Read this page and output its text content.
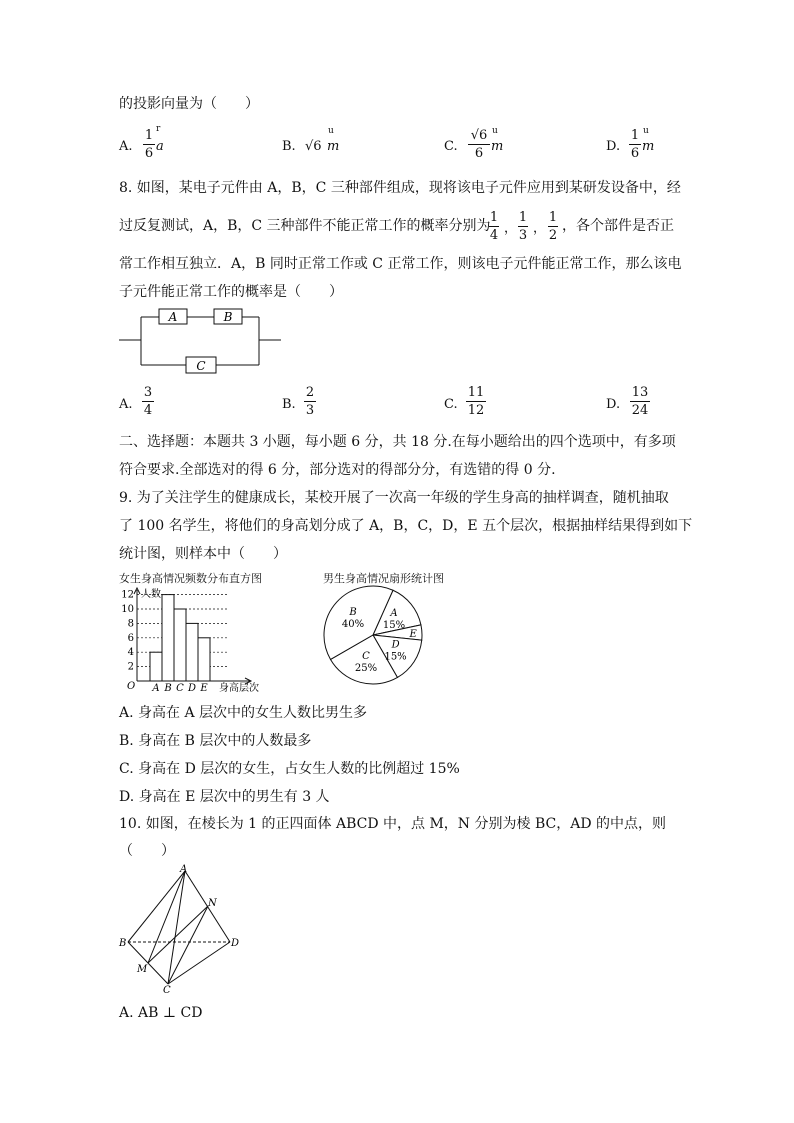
的投影向量为（　　）
A.
1
6 a
r
B. √6 m
u
C.
√6
6 m
u
D.
1
6 m
u
8. 如图，某电子元件由 A，B，C 三种部件组成，现将该电子元件应用到某研发设备中，经
过反复测试，A，B，C 三种部件不能正常工作的概率分别为
1
4 ，
1
3 ，
1
2
，各个部件是否正
常工作相互独立．A，B 同时正常工作或 C 正常工作，则该电子元件能正常工作，那么该电
子元件能正常工作的概率是（　　）
A	B
C
A.
3
4	B.
2
3	C.
11
12	D.
13
24
二、选择题：本题共 3 小题，每小题 6 分，共 18 分.在每小题给出的四个选项中，有多项
符合要求.全部选对的得 6 分，部分选对的得部分分，有选错的得 0 分.
9. 为了关注学生的健康成长，某校开展了一次高一年级的学生身高的抽样调查，随机抽取
了 100 名学生，将他们的身高划分成了 A，B，C，D，E 五个层次，根据抽样结果得到如下
统计图，则样本中（　　）
女生身高情况频数分布直方图
2
4
6
8
10
12
A B C D E
人数
O	身高层次
男生身高情况扇形统计图
A
15%
E
D
15%
C
25%
B
40%
A. 身高在 A 层次中的女生人数比男生多
B. 身高在 B 层次中的人数最多
C. 身高在 D 层次的女生，占女生人数的比例超过 15%
D. 身高在 E 层次中的男生有 3 人
10. 如图，在棱长为 1 的正四面体 ABCD 中，点 M，N 分别为棱 BC，AD 的中点，则
（　　）
A
B
C
D
M
N
A. AB ⊥ CD
